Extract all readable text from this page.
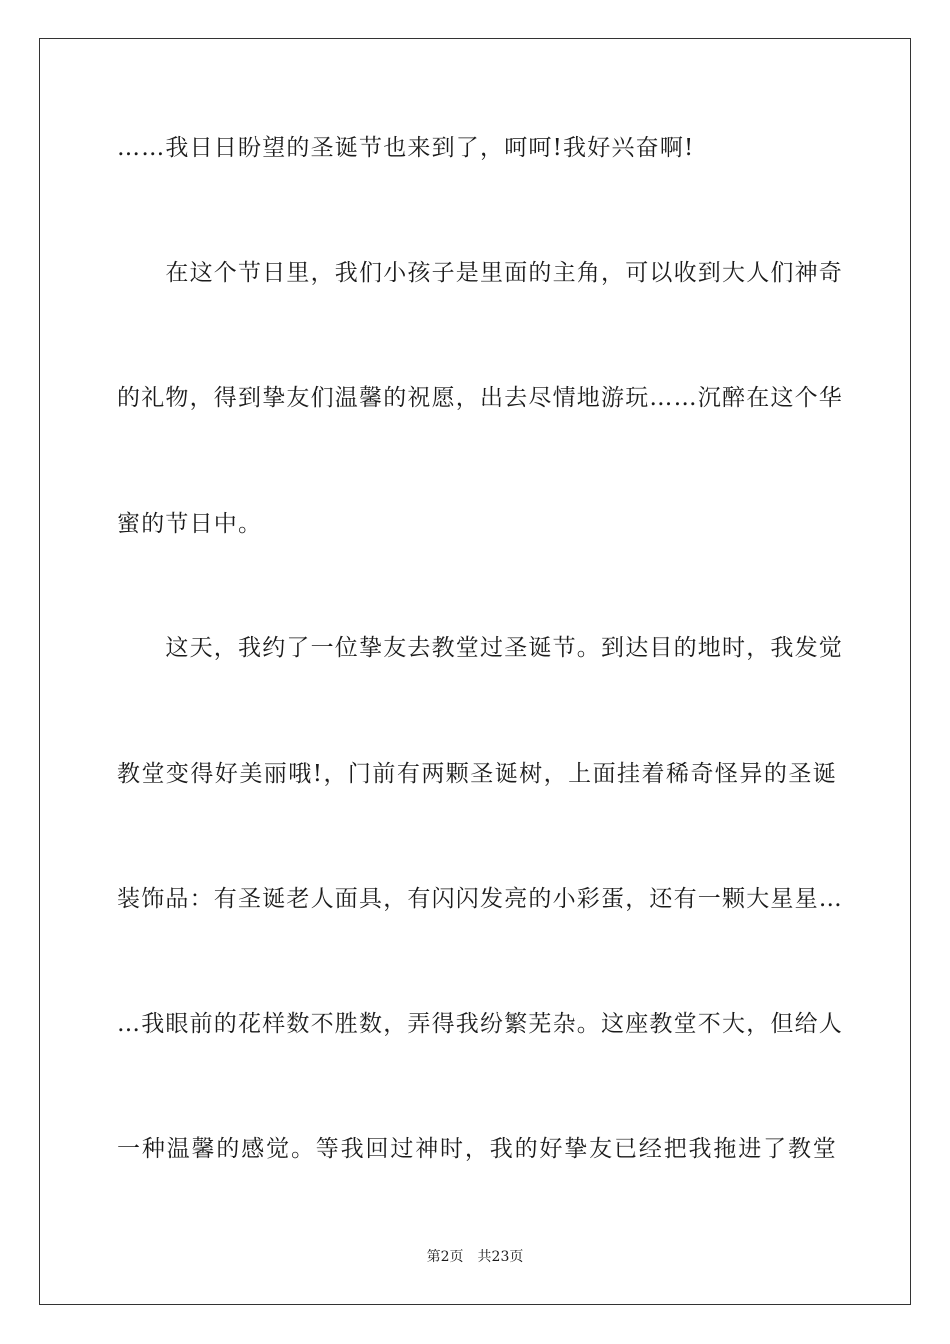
……我日日盼望的圣诞节也来到了，呵呵!我好兴奋啊!
　　在这个节日里，我们小孩子是里面的主角，可以收到大人们神奇
的礼物，得到挚友们温馨的祝愿，出去尽情地游玩……沉醉在这个华
蜜的节日中。
　　这天，我约了一位挚友去教堂过圣诞节。到达目的地时，我发觉
教堂变得好美丽哦!，门前有两颗圣诞树，上面挂着稀奇怪异的圣诞
装饰品：有圣诞老人面具，有闪闪发亮的小彩蛋，还有一颗大星星…
…我眼前的花样数不胜数，弄得我纷繁芜杂。这座教堂不大，但给人
一种温馨的感觉。等我回过神时，我的好挚友已经把我拖进了教堂
第2页 共23页
